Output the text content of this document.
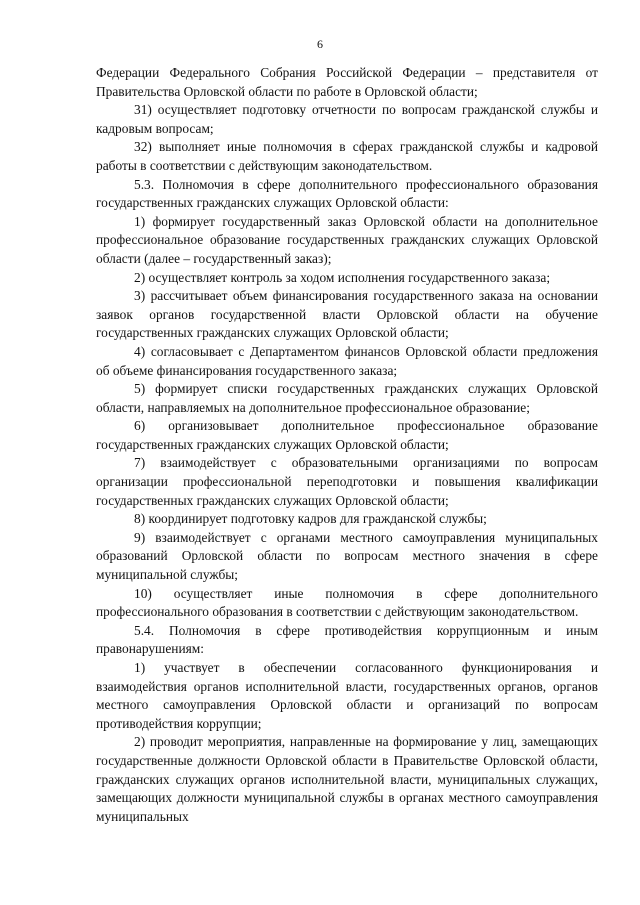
6

Федерации Федерального Собрания Российской Федерации – представителя от Правительства Орловской области по работе в Орловской области;

31) осуществляет подготовку отчетности по вопросам гражданской службы и кадровым вопросам;

32) выполняет иные полномочия в сферах гражданской службы и кадровой работы в соответствии с действующим законодательством.

5.3. Полномочия в сфере дополнительного профессионального образования государственных гражданских служащих Орловской области:

1) формирует государственный заказ Орловской области на дополнительное профессиональное образование государственных гражданских служащих Орловской области (далее – государственный заказ);

2) осуществляет контроль за ходом исполнения государственного заказа;

3) рассчитывает объем финансирования государственного заказа на основании заявок органов государственной власти Орловской области на обучение государственных гражданских служащих Орловской области;

4) согласовывает с Департаментом финансов Орловской области предложения об объеме финансирования государственного заказа;

5) формирует списки государственных гражданских служащих Орловской области, направляемых на дополнительное профессиональное образование;

6) организовывает дополнительное профессиональное образование государственных гражданских служащих Орловской области;

7) взаимодействует с образовательными организациями по вопросам организации профессиональной переподготовки и повышения квалификации государственных гражданских служащих Орловской области;

8) координирует подготовку кадров для гражданской службы;

9) взаимодействует с органами местного самоуправления муниципальных образований Орловской области по вопросам местного значения в сфере муниципальной службы;

10) осуществляет иные полномочия в сфере дополнительного профессионального образования в соответствии с действующим законодательством.

5.4. Полномочия в сфере противодействия коррупционным и иным правонарушениям:

1) участвует в обеспечении согласованного функционирования и взаимодействия органов исполнительной власти, государственных органов, органов местного самоуправления Орловской области и организаций по вопросам противодействия коррупции;

2) проводит мероприятия, направленные на формирование у лиц, замещающих государственные должности Орловской области в Правительстве Орловской области, гражданских служащих органов исполнительной власти, муниципальных служащих, замещающих должности муниципальной службы в органах местного самоуправления муниципальных
